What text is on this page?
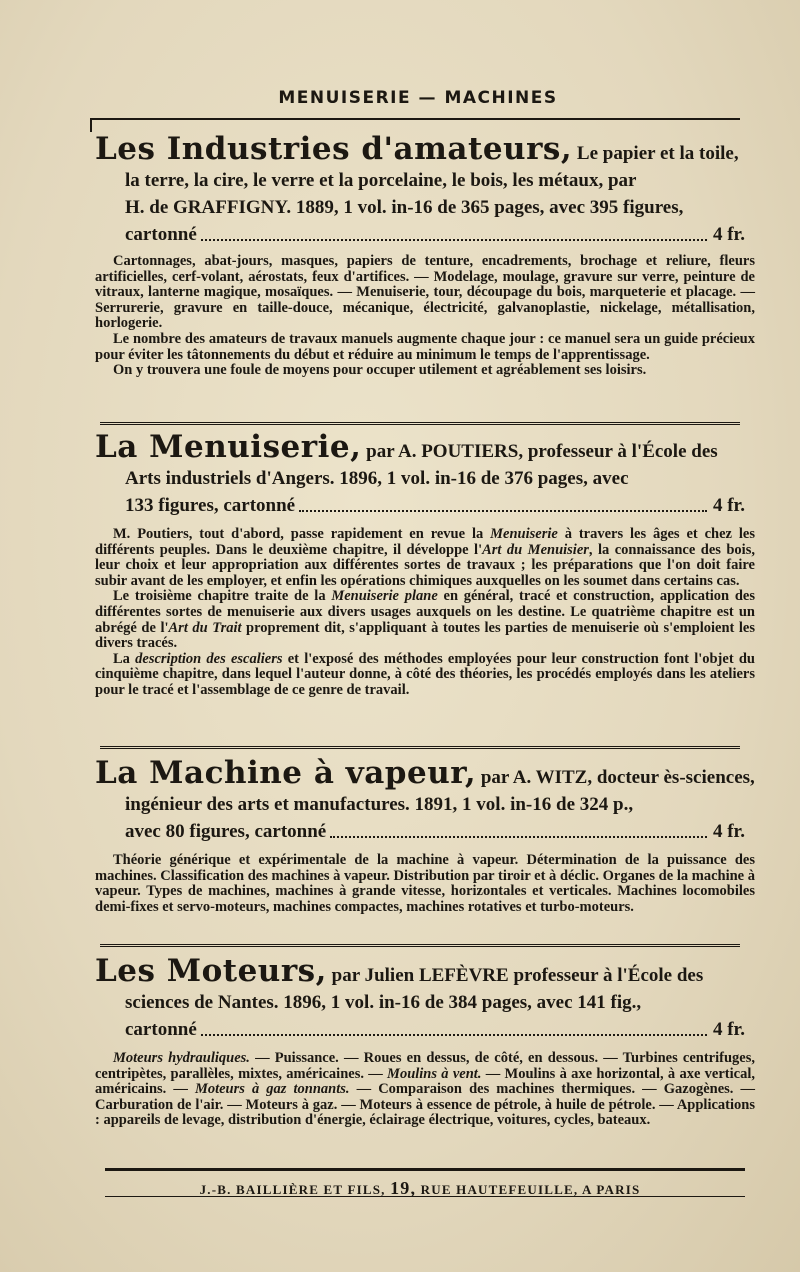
MENUISERIE — MACHINES
Les Industries d'amateurs, Le papier et la toile,
la terre, la cire, le verre et la porcelaine, le bois, les métaux, par
H. de GRAFFIGNY. 1889, 1 vol. in-16 de 365 pages, avec 395 figures,
cartonné	4 fr.

Cartonnages, abat-jours, masques, papiers de tenture, encadrements, brochage et reliure, fleurs artificielles, cerf-volant, aérostats, feux d'artifices. — Modelage, moulage, gravure sur verre, peinture de vitraux, lanterne magique, mosaïques. — Menuiserie, tour, découpage du bois, marqueterie et placage. — Serrurerie, gravure en taille-douce, mécanique, électricité, galvanoplastie, nickelage, métallisation, horlogerie.

Le nombre des amateurs de travaux manuels augmente chaque jour : ce manuel sera un guide précieux pour éviter les tâtonnements du début et réduire au minimum le temps de l'apprentissage.

On y trouvera une foule de moyens pour occuper utilement et agréablement ses loisirs.

La Menuiserie, par A. POUTIERS, professeur à l'École des
Arts industriels d'Angers. 1896, 1 vol. in-16 de 376 pages, avec
133 figures, cartonné	4 fr.

M. Poutiers, tout d'abord, passe rapidement en revue la Menuiserie à travers les âges et chez les différents peuples. Dans le deuxième chapitre, il développe l'Art du Menuisier, la connaissance des bois, leur choix et leur appropriation aux différentes sortes de travaux ; les préparations que l'on doit faire subir avant de les employer, et enfin les opérations chimiques auxquelles on les soumet dans certains cas.

Le troisième chapitre traite de la Menuiserie plane en général, tracé et construction, application des différentes sortes de menuiserie aux divers usages auxquels on les destine. Le quatrième chapitre est un abrégé de l'Art du Trait proprement dit, s'appliquant à toutes les parties de menuiserie où s'emploient les divers tracés.

La description des escaliers et l'exposé des méthodes employées pour leur construction font l'objet du cinquième chapitre, dans lequel l'auteur donne, à côté des théories, les procédés employés dans les ateliers pour le tracé et l'assemblage de ce genre de travail.

La Machine à vapeur, par A. WITZ, docteur ès-sciences,
ingénieur des arts et manufactures. 1891, 1 vol. in-16 de 324 p.,
avec 80 figures, cartonné	4 fr.

Théorie générique et expérimentale de la machine à vapeur. Détermination de la puissance des machines. Classification des machines à vapeur. Distribution par tiroir et à déclic. Organes de la machine à vapeur. Types de machines, machines à grande vitesse, horizontales et verticales. Machines locomobiles demi-fixes et servo-moteurs, machines compactes, machines rotatives et turbo-moteurs.

Les Moteurs, par Julien LEFÈVRE professeur à l'École des
sciences de Nantes. 1896, 1 vol. in-16 de 384 pages, avec 141 fig.,
cartonné	4 fr.

Moteurs hydrauliques. — Puissance. — Roues en dessus, de côté, en dessous. — Turbines centrifuges, centripètes, parallèles, mixtes, américaines. — Moulins à vent. — Moulins à axe horizontal, à axe vertical, américains. — Moteurs à gaz tonnants. — Comparaison des machines thermiques. — Gazogènes. — Carburation de l'air. — Moteurs à gaz. — Moteurs à essence de pétrole, à huile de pétrole. — Applications : appareils de levage, distribution d'énergie, éclairage électrique, voitures, cycles, bateaux.

J.-B. BAILLIÈRE ET FILS, 19, RUE HAUTEFEUILLE, A PARIS
